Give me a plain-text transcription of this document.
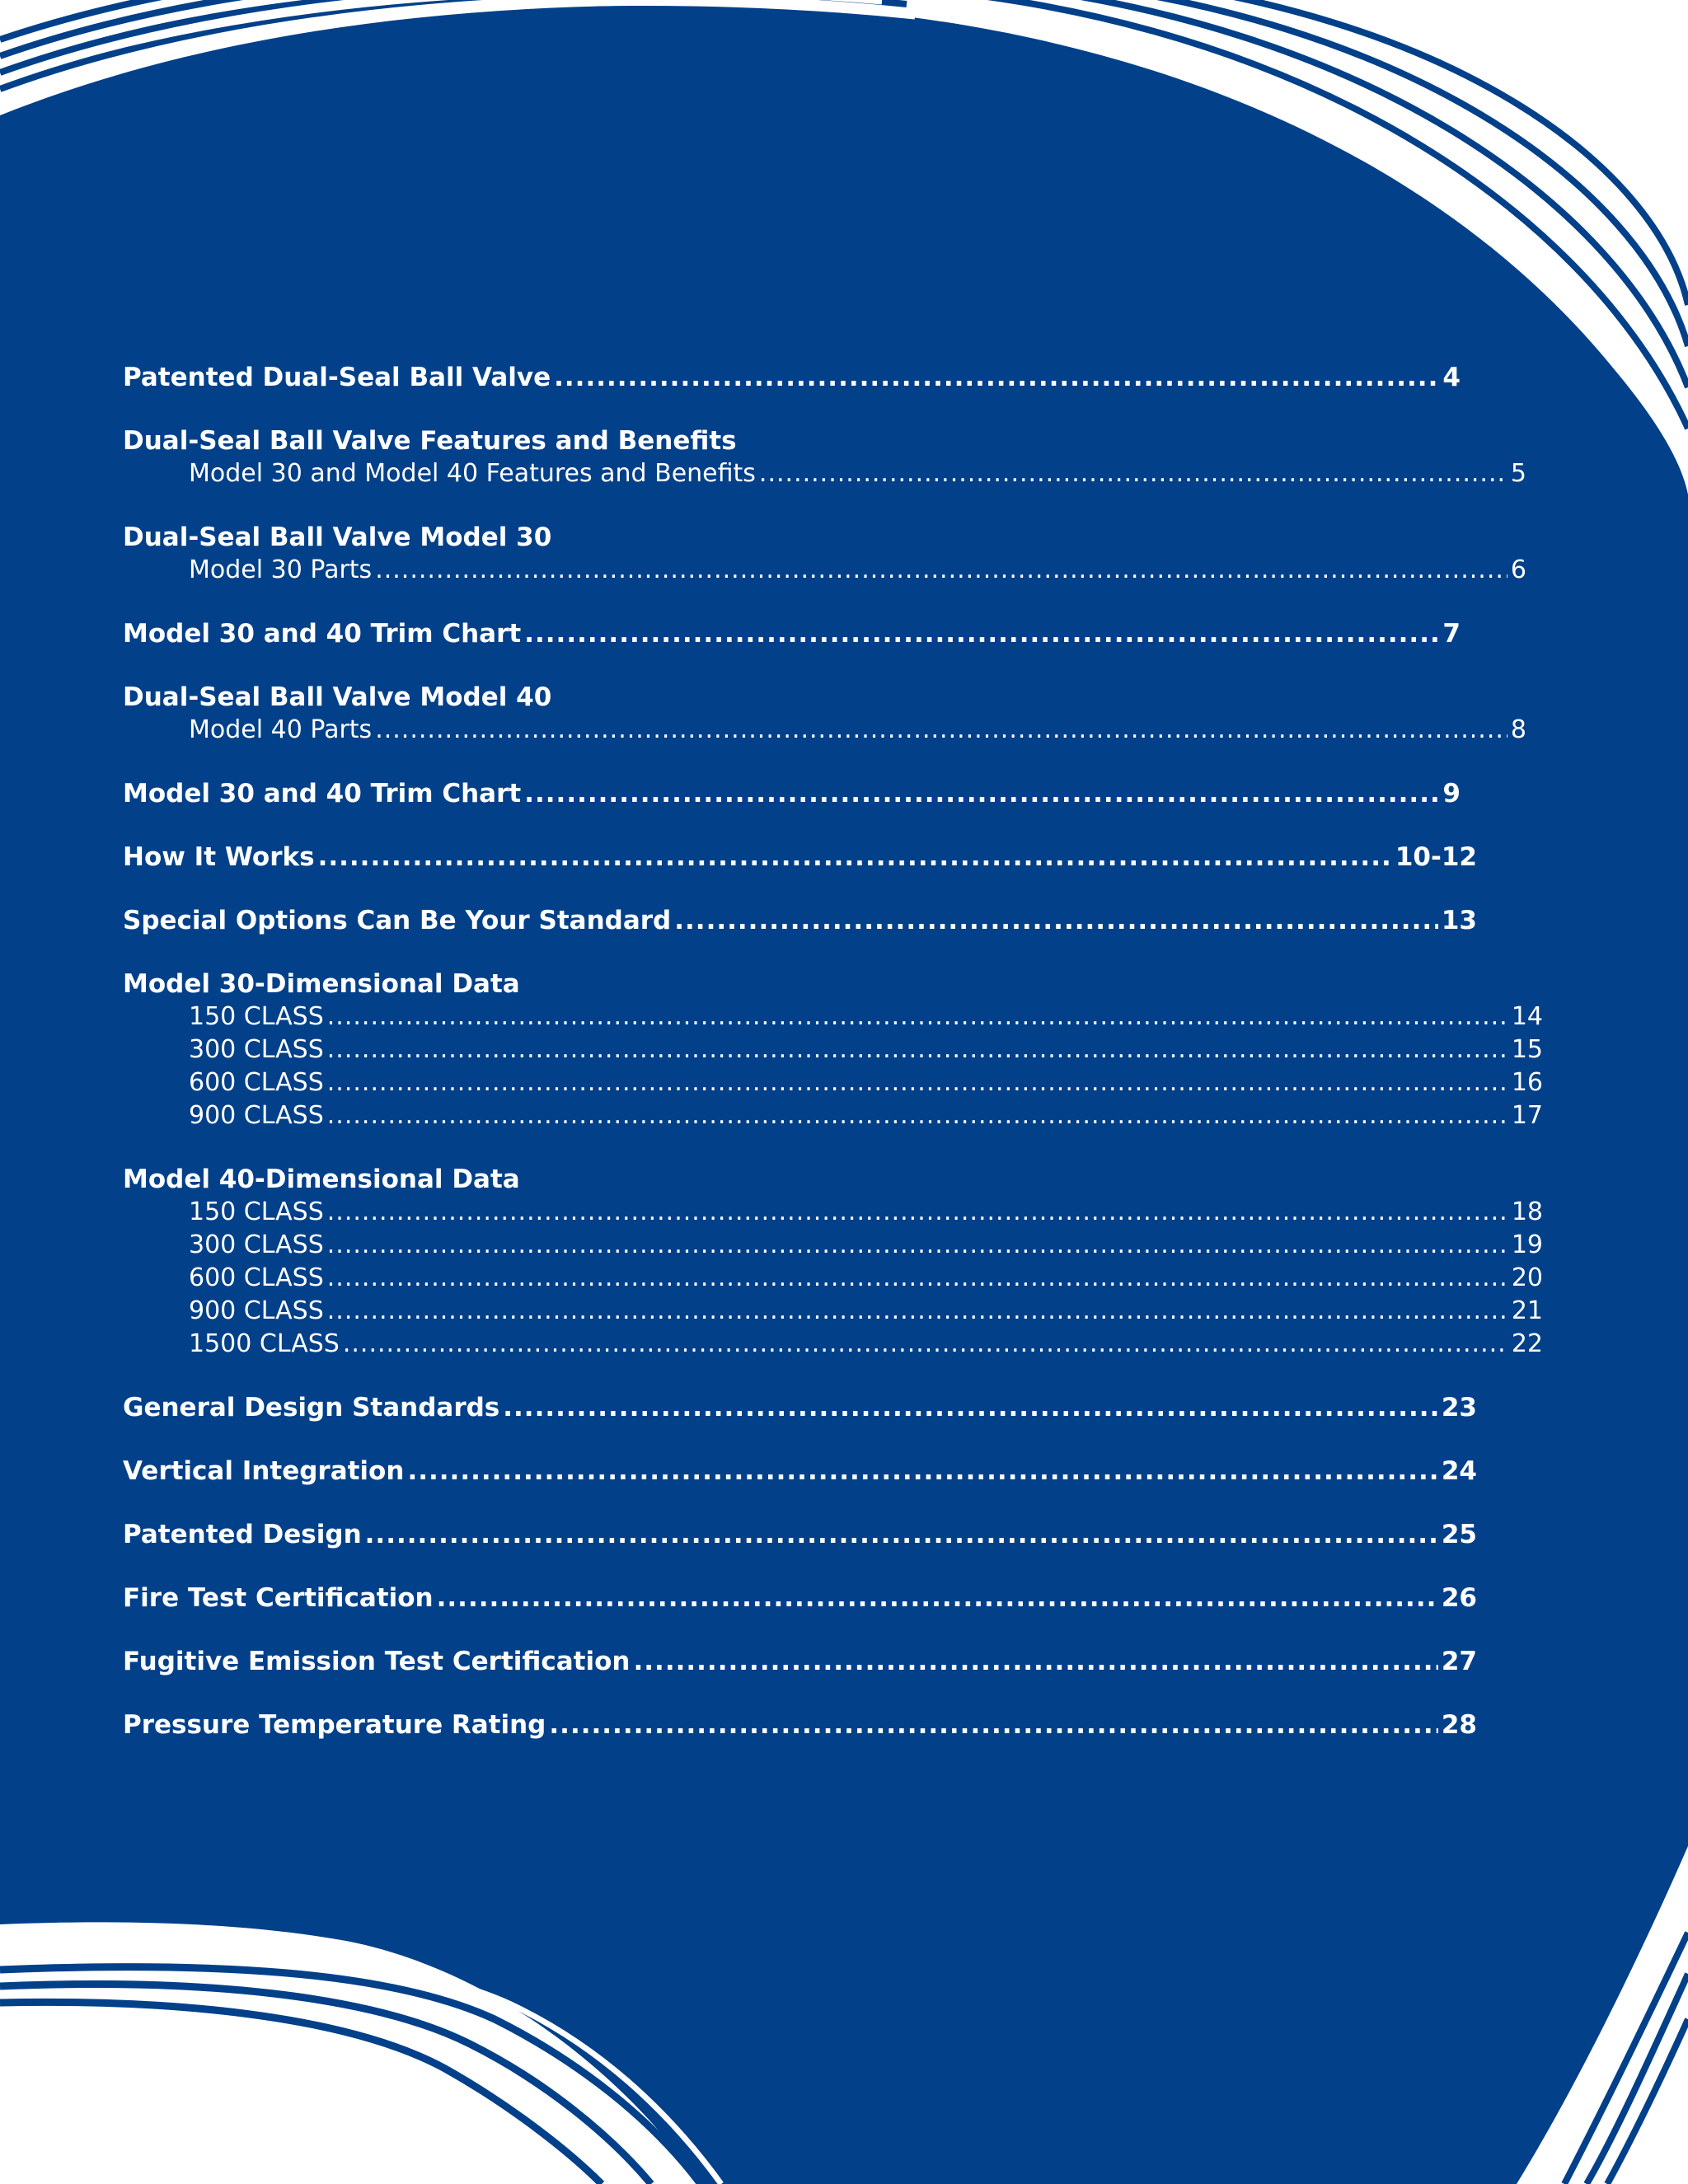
Patented Dual-Seal Ball Valve .....	4
Dual-Seal Ball Valve Features and Benefits
Model 30 and Model 40 Features and Benefits .....	5
Dual-Seal Ball Valve Model 30
Model 30 Parts .....	6
Model 30 and 40 Trim Chart .....	7
Dual-Seal Ball Valve Model 40
Model 40 Parts .....	8
Model 30 and 40 Trim Chart .....	9
How It Works .....	10-12
Special Options Can Be Your Standard .....	13
Model 30-Dimensional Data
150 CLASS .....	14
300 CLASS .....	15
600 CLASS .....	16
900 CLASS .....	17
Model 40-Dimensional Data
150 CLASS .....	18
300 CLASS .....	19
600 CLASS .....	20
900 CLASS .....	21
1500 CLASS .....	22
General Design Standards .....	23
Vertical Integration .....	24
Patented Design .....	25
Fire Test Certification .....	26
Fugitive Emission Test Certification .....	27
Pressure Temperature Rating .....	28
